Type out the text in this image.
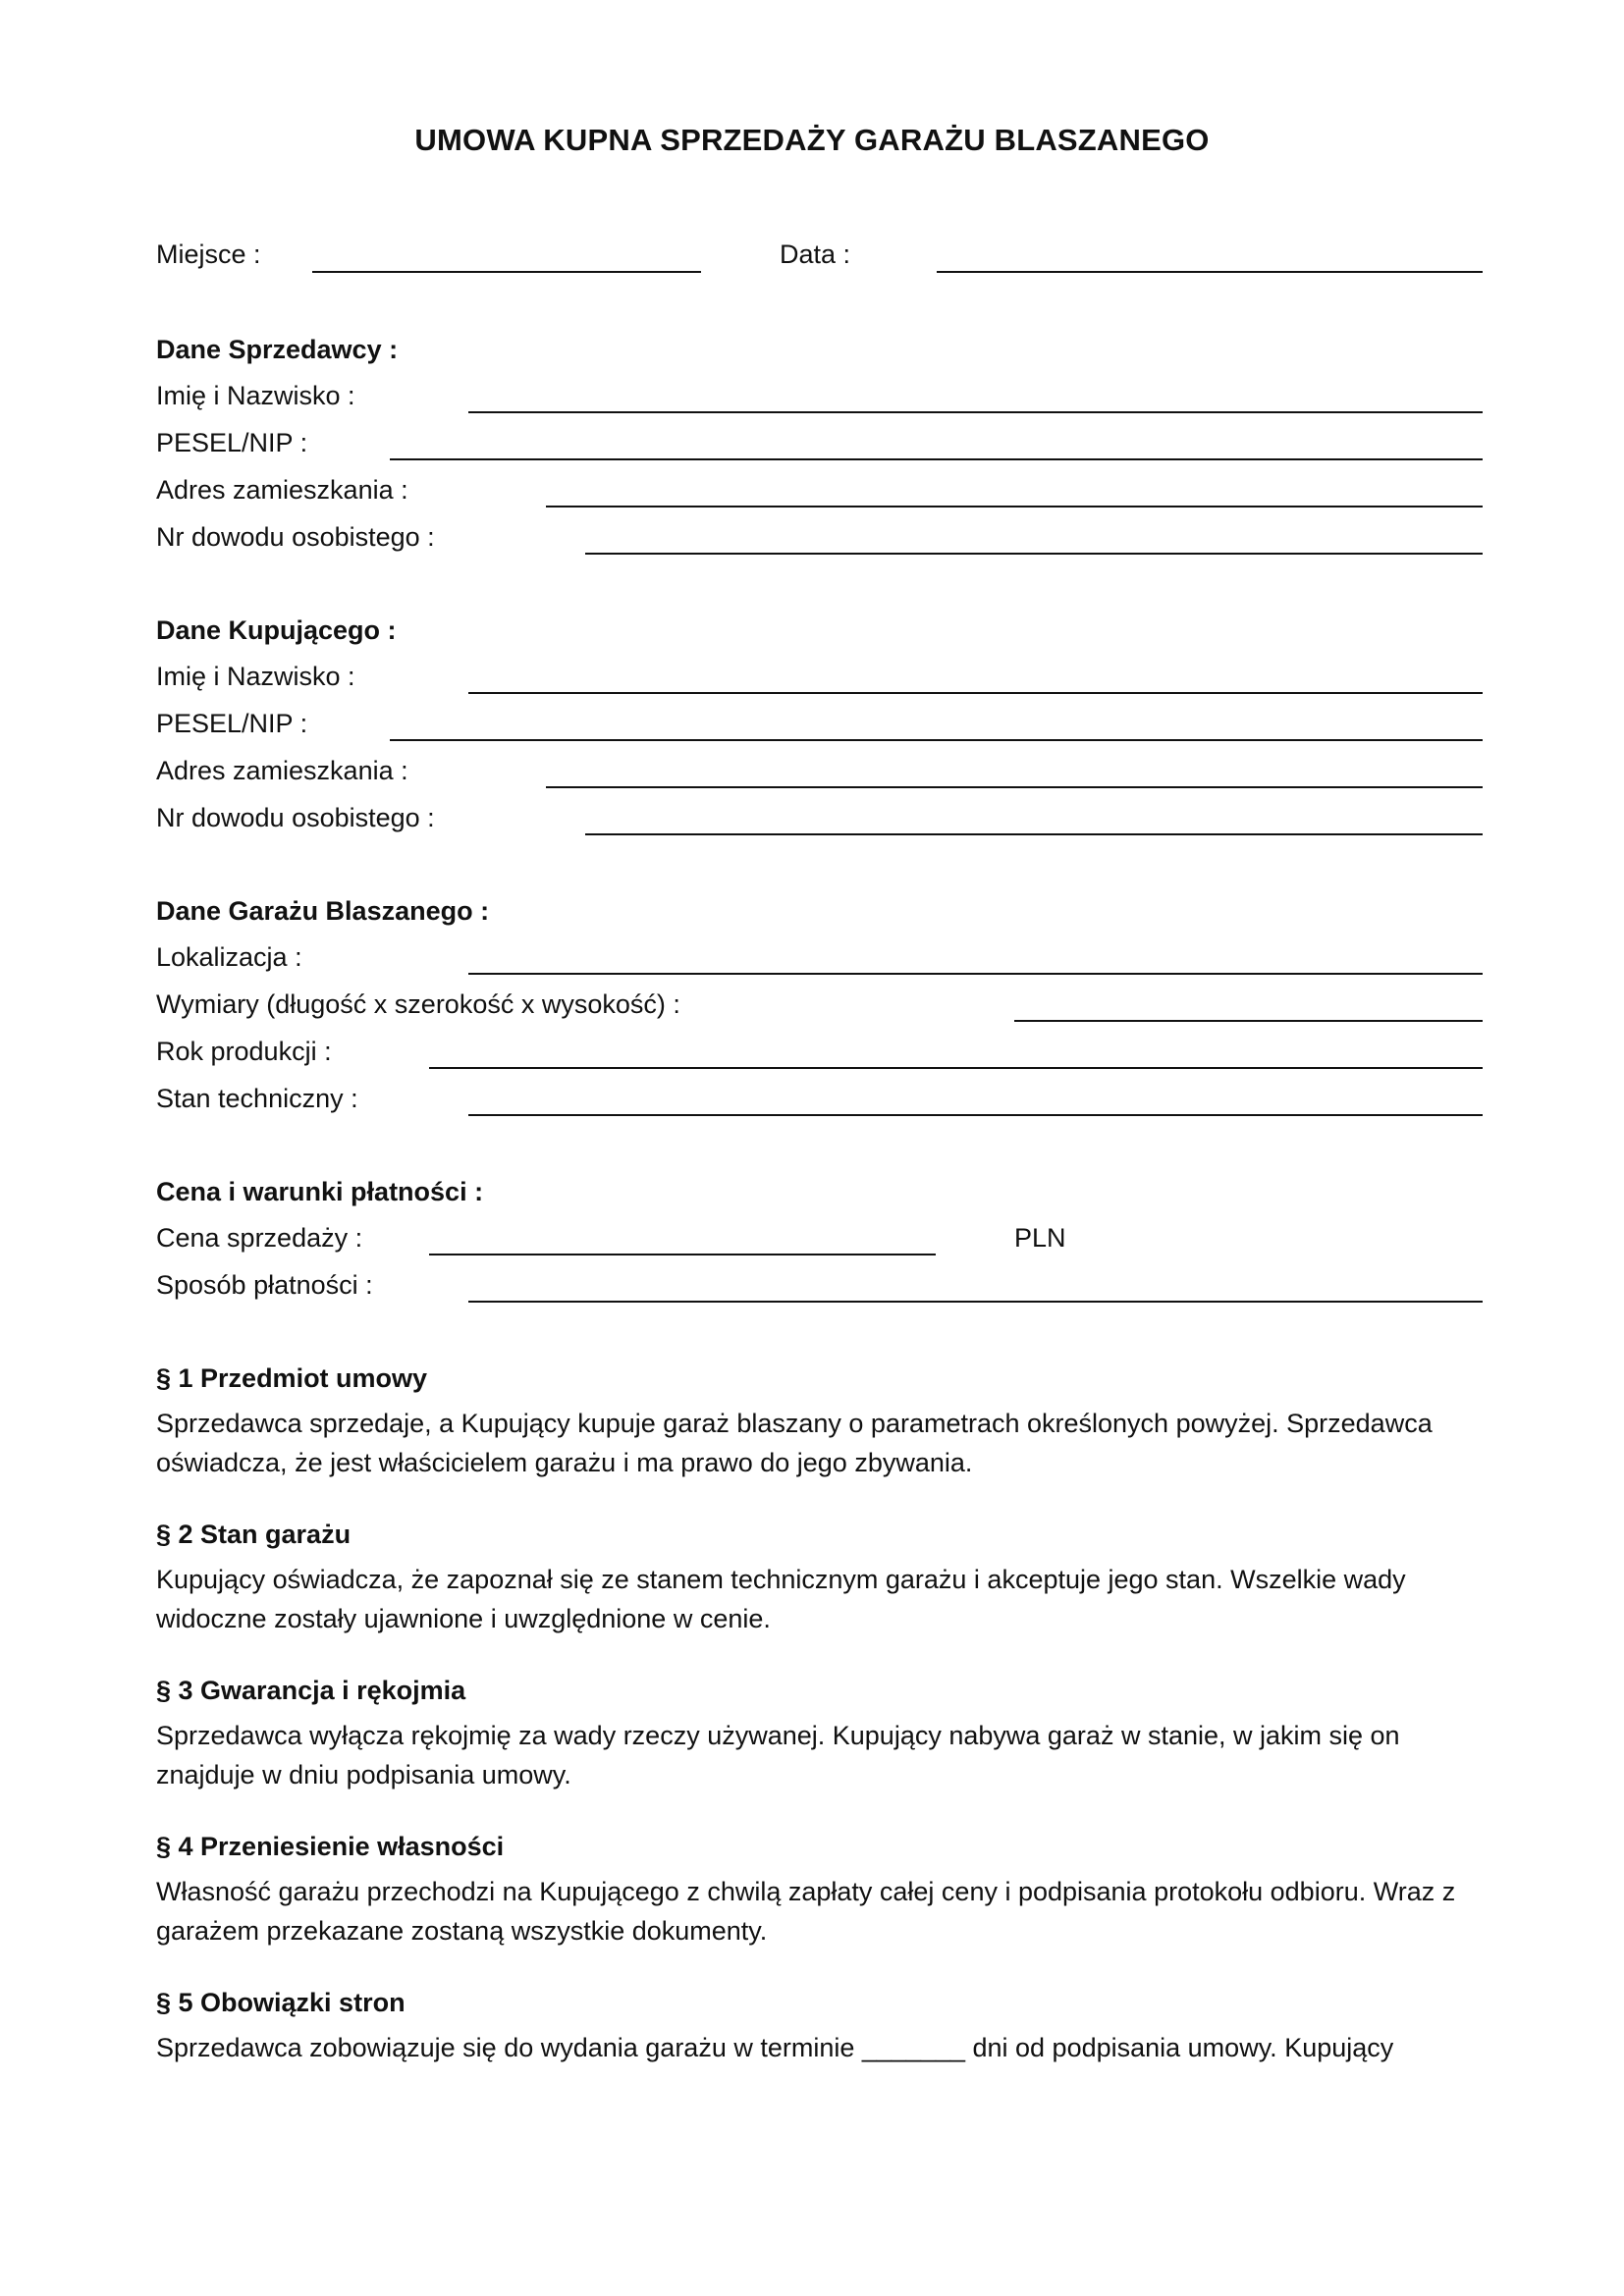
UMOWA KUPNA SPRZEDAŻY GARAŻU BLASZANEGO
Miejsce :	Data :
Dane Sprzedawcy :
Imię i Nazwisko :
PESEL/NIP :
Adres zamieszkania :
Nr dowodu osobistego :
Dane Kupującego :
Imię i Nazwisko :
PESEL/NIP :
Adres zamieszkania :
Nr dowodu osobistego :
Dane Garażu Blaszanego :
Lokalizacja :
Wymiary (długość x szerokość x wysokość) :
Rok produkcji :
Stan techniczny :
Cena i warunki płatności :
Cena sprzedaży :	PLN
Sposób płatności :
§ 1 Przedmiot umowy
Sprzedawca sprzedaje, a Kupujący kupuje garaż blaszany o parametrach określonych powyżej. Sprzedawca oświadcza, że jest właścicielem garażu i ma prawo do jego zbywania.
§ 2 Stan garażu
Kupujący oświadcza, że zapoznał się ze stanem technicznym garażu i akceptuje jego stan. Wszelkie wady widoczne zostały ujawnione i uwzględnione w cenie.
§ 3 Gwarancja i rękojmia
Sprzedawca wyłącza rękojmię za wady rzeczy używanej. Kupujący nabywa garaż w stanie, w jakim się on znajduje w dniu podpisania umowy.
§ 4 Przeniesienie własności
Własność garażu przechodzi na Kupującego z chwilą zapłaty całej ceny i podpisania protokołu odbioru. Wraz z garażem przekazane zostaną wszystkie dokumenty.
§ 5 Obowiązki stron
Sprzedawca zobowiązuje się do wydania garażu w terminie _______ dni od podpisania umowy. Kupujący
